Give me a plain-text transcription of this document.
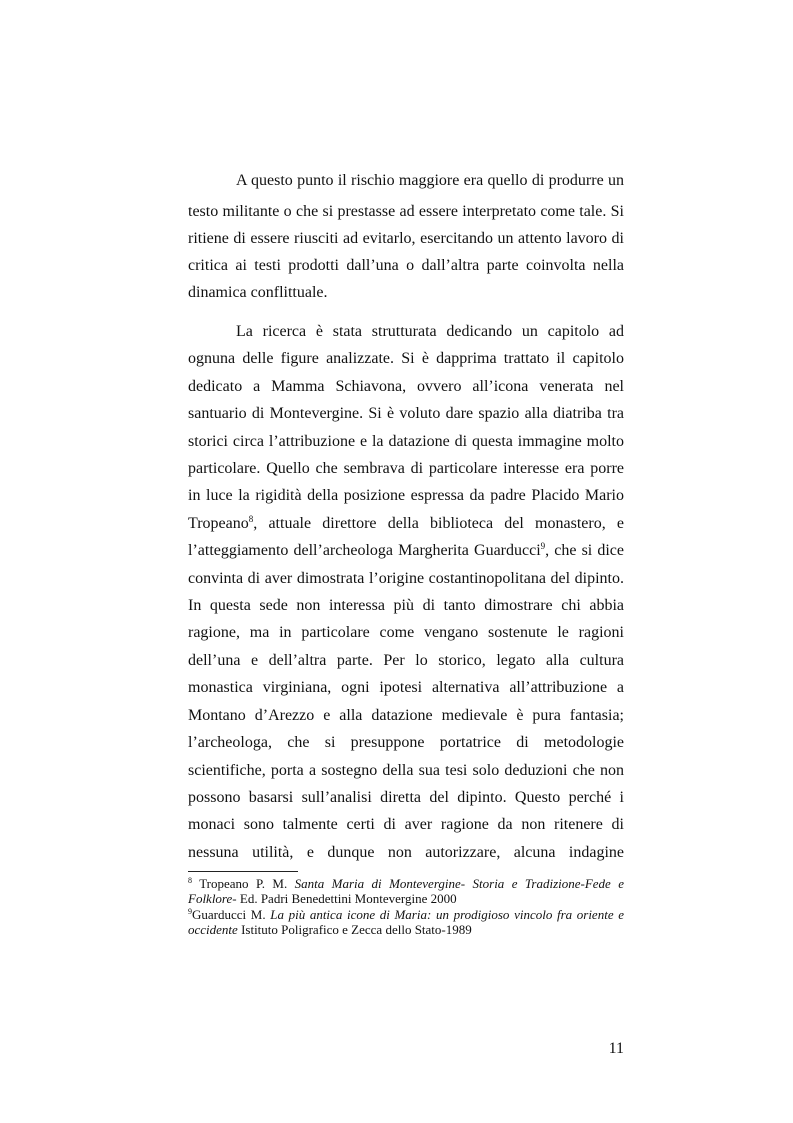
A questo punto il rischio maggiore era quello di produrre un
testo militante o che si prestasse ad essere interpretato come tale. Si
ritiene di essere riusciti ad evitarlo, esercitando un attento lavoro di
critica ai testi prodotti dall’una o dall’altra parte coinvolta nella
dinamica conflittuale.
La ricerca è stata strutturata dedicando un capitolo ad
ognuna delle figure analizzate. Si è dapprima trattato il capitolo
dedicato a Mamma Schiavona, ovvero all’icona venerata nel
santuario di Montevergine. Si è voluto dare spazio alla diatriba tra
storici circa l’attribuzione e la datazione di questa immagine molto
particolare. Quello che sembrava di particolare interesse era porre
in luce la rigidità della posizione espressa da padre Placido Mario
Tropeano$^8$, attuale direttore della biblioteca del monastero, e
l’atteggiamento dell’archeologa Margherita Guarducci$^9$, che si dice
convinta di aver dimostrata l’origine costantinopolitana del dipinto.
In questa sede non interessa più di tanto dimostrare chi abbia
ragione, ma in particolare come vengano sostenute le ragioni
dell’una e dell’altra parte. Per lo storico, legato alla cultura
monastica virginiana, ogni ipotesi alternativa all’attribuzione a
Montano d’Arezzo e alla datazione medievale è pura fantasia;
l’archeologa, che si presuppone portatrice di metodologie
scientifiche, porta a sostegno della sua tesi solo deduzioni che non
possono basarsi sull’analisi diretta del dipinto. Questo perché i
monaci sono talmente certi di aver ragione da non ritenere di
nessuna utilità, e dunque non autorizzare, alcuna indagine
$^8$ Tropeano P. M. Santa Maria di Montevergine- Storia e Tradizione-Fede e
Folklore- Ed. Padri Benedettini Montevergine 2000
$^9$Guarducci M. La più antica icone di Maria: un prodigioso vincolo fra oriente e
occidente Istituto Poligrafico e Zecca dello Stato-1989
11
